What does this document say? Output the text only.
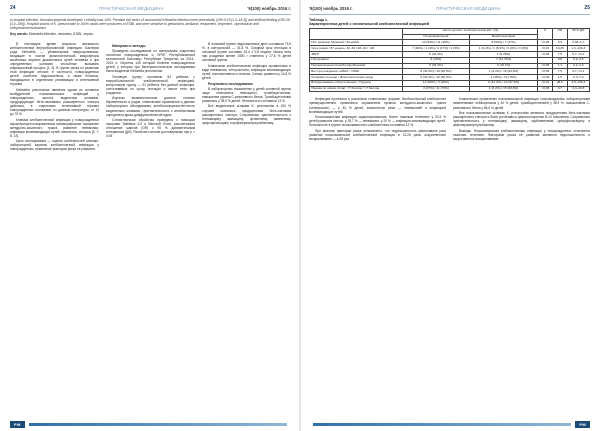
24	ПРАКТИЧЕСКАЯ МЕДИЦИНА	'9(100) ноябрь 2016 г.
in-hospital infection, thrombocytopenia developed. Lethality was 13%. Prenatal risk factor of nosocomial Klebsiella infection were prematurity (OR=5.15 [1.3–18.3]) and artificial feeding (OR=28 [3.9–196]). Hospital strains of K. pneumoniae in 100% cases were producers of ESBL and were sensitive to gentamicin, amikacin, ertapenem, imipenem, ciprofloxacin and cefoperazone/sulbactam.
Key words: Klebsiella infection, neonates, ESBL, sepsis.

В настоящее время возросла значимость клебсиеллезной внутрибольничной инфекции. Бактерии рода Klebsiella — убиквитарные микроорганизмы, входящие в состав физиологической микрофлоры кишечника, верхних дыхательных путей человека и при определенных условиях способные вызывать инфекционный процесс [1, 2]. В группе риска по развитию этой инфекции относят, в частности, новорожденных детей, особенно недоношенных, а также больных, находящихся в отделениях реанимации и интенсивной терапии.

Klebsiella pneumoniae является одним из основных возбудителей нозокомиальных инфекций у новорожденных, частота выделения штаммов, продуцирующих бета-лактамазы расширенного спектра действия, в отделениях интенсивной терапии новорожденных составляет, по данным литературы, от 10 до 75 %.

Клиника клебсиеллезной инфекции у новорожденных характеризуется выраженным полиморфизмом: поражение желудочно-кишечного тракта, развитие пневмонии, инфекции мочевыводящих путей, менингита, сепсиса [3, 7, 8, 12].

Цель исследования — оценка особенностей клинико-лабораторной картины клебсиеллезной инфекции у новорожденных, выявление факторов риска ее развития.

Материал и методы

Проведено исследование по материалам отделения патологии новорожденных и ОРИТ Республиканской клинической больницы Республики Татарстан за 2014–2015 гг. Изучены 145 историй болезни новорожденных детей, у которых при бактериологическом исследовании была выделена Klebsiella pneumoniae.

Основную группу составили 54 ребенка с внутрибольничной клебсиеллезной инфекцией, контрольную группу — 91 ребенок без данной инфекции, сопоставимые по сроку гестации и массе тела при рождении.

Изучены анамнестические данные, течение беременности и родов, клинические проявления и данные лабораторного обследования, антибиотикорезистентность выделенных штаммов. Чувствительность к антибиотикам определяли диско-диффузионным методом.

Статистическая обработка проведена с помощью программ Statistica 6.0 и Microsoft Excel, рассчитывали отношение шансов (OR) с 95 % доверительным интервалом (ДИ). Различия считали достоверными при р < 0,05.

В основной группе недоношенные дети составили 75,9 %, в контрольной — 41,8 %. Средний срок гестации в основной группе составил 32,4 ± 0,6 недели. Масса тела при рождении менее 1500 г отмечена у 27,8 % детей основной группы.

Клинически клебсиеллезная инфекция проявлялась в виде пневмонии, энтероколита, инфекции мочевыводящих путей, конъюнктивита и сепсиса. Сепсис развился у 14,8 % детей.

Результаты исследования

В лабораторных показателях у детей основной группы чаще отмечались лейкоцитоз, тромбоцитопения, повышение уровня С-реактивного белка. Тромбоцитопения развилась у 38,9 % детей. Летальность составила 13 %.

Все выделенные штаммы K. pneumoniae в 100 % случаев оказались продуцентами бета-лактамаз расширенного спектра. Сохранялась чувствительность к гентамицину, амикацину, эртапенему, имипенему, ципрофлоксацину и цефоперазону/сульбактаму.

PM
'9(100) ноябрь 2016 г.	ПРАКТИЧЕСКАЯ МЕДИЦИНА	25
Таблица 1.
Характеристика детей с неонатальной клебсиеллезной инфекцией
	Число детей с клебсиеллезом абс. (%)		P	OR	95 % ДИ
	Нозокомиальный	Внебольничный			
Пол ребенка: Мужской / Женский	13 (54%) / 11 (46%)	8 (53%) / 7 (47%)	>0,05	0,3	0,08–1,7
Срок родов <37 недель: 32–36 / 28–32 / <28	7 (46%) / 1 (4%) / 4 (17%) / 2 (8%)	1 (6,2%) / 1 (6,6%) / 0 (0%) / 0 (0%)	<0,01	13,25	1,3–126,3
ЗВУР	5 (33,3%)	1 (6,25%)	>0,05	7,5	0,7–74,1
Гипотрофия	6 (40%)	7 (43,75%)		0,8	0,2–3,5
Перинатальная гипербилирубинемия	5 (33,3%)	3 (18,7%)	>0,05	1,1	0,2–4,9
Вес при рождении: ≤2500 / >2500	5 (33,3%) / 10 (66,6%)	1 (6,2%) / 15 (93,8%)	<0,05	7,5	0,7–74,1
Кесарево сечение / Физиологические роды	5 (33,3%) / 10 (66,6%)	4 (25%) / 12 (75%)	>0,05	1,5	0,3–7,0
Вскармливание: Искусственное / Грудное	12 (80%) / 3 (20%)	2 (12,4%) / 14 (87,6%)	<0,01	28,0	3,9–196,4
Оценка по шкале Апгар: <7 баллов / >7 баллов	4 (27%) / 11 (73%)	1 (6,2%) / 15 (93,8%)	>0,05	3,7	0,3–40,8

Инфекция протекала в различных клинических формах. Внебольничный клебсиеллез преимущественно проявлялся поражением органов желудочно-кишечного тракта (энтероколит) — у 81 % детей, значительно реже — пневмонией и инфекцией мочевыводящих путей.

Нозокомиальная инфекция характеризовалась более тяжелым течением: у 33,3 % детей развился сепсис, у 26,7 % — пневмония, у 20 % — инфекция мочевыводящих путей. Летальность в группе нозокомиального клебсиеллеза составила 13 %.

При анализе факторов риска установлено, что недоношенность увеличивала риск развития нозокомиальной клебсиеллезной инфекции в 13,25 раза, искусственное вскармливание — в 28 раз.

Клинические проявления нозокомиальной инфекции сопровождались лабораторными изменениями: лейкоцитозом у 40 % детей, тромбоцитопенией у 38,9 %, повышением С-реактивного белка у 66,6 % детей.

Все нозокомиальные штаммы K. pneumoniae являлись продуцентами бета-лактамаз расширенного спектра и были устойчивы к цефалоспоринам III–IV поколения. Сохранялась чувствительность к гентамицину, амикацину, карбапенемам, ципрофлоксацину и цефоперазону/сульбактаму.

Выводы. Нозокомиальная клебсиеллезная инфекция у новорожденных отличается тяжелым течением. Факторами риска ее развития являются недоношенность и искусственное вскармливание.

PM
